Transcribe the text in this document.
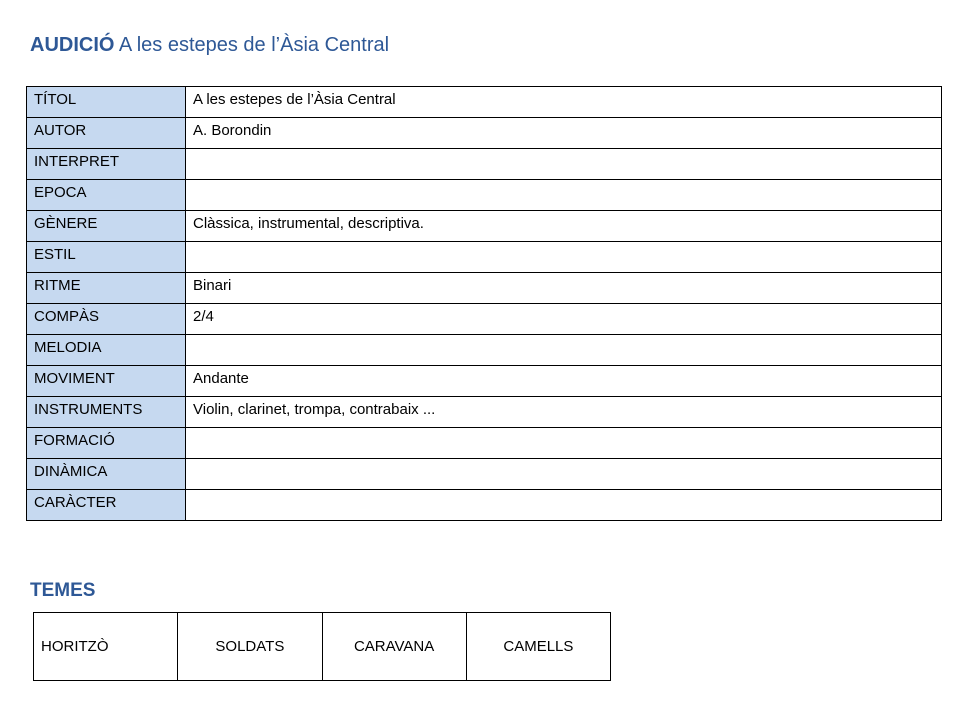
AUDICIÓ A les estepes de l’Àsia Central
TÍTOL	A les estepes de l’Àsia Central
AUTOR	A. Borondin
INTERPRET	
EPOCA	
GÈNERE	Clàssica, instrumental, descriptiva.
ESTIL	
RITME	Binari
COMPÀS	2/4
MELODIA	
MOVIMENT	Andante
INSTRUMENTS	Violin, clarinet, trompa, contrabaix ...
FORMACIÓ	
DINÀMICA	
CARÀCTER	
TEMES
HORITZÒ	SOLDATS	CARAVANA	CAMELLS
